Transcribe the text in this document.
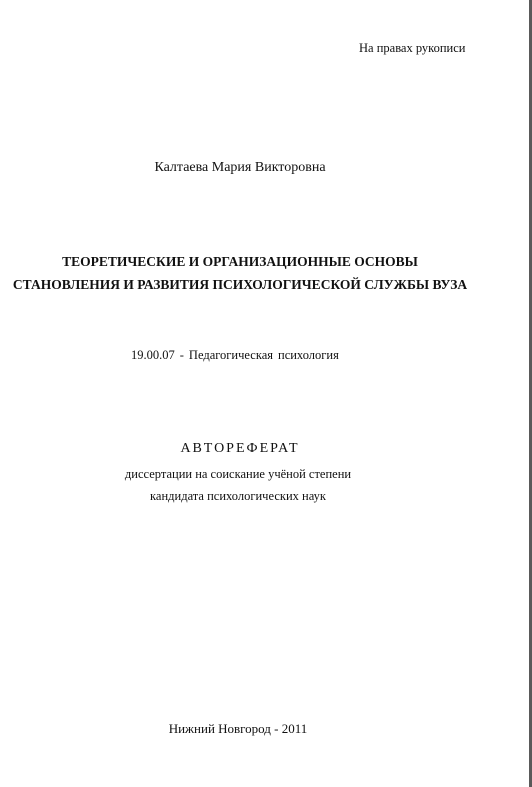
На правах рукописи
Калтаева Мария Викторовна
ТЕОРЕТИЧЕСКИЕ И ОРГАНИЗАЦИОННЫЕ ОСНОВЫ
СТАНОВЛЕНИЯ И РАЗВИТИЯ ПСИХОЛОГИЧЕСКОЙ СЛУЖБЫ ВУЗА
19.00.07 - Педагогическая психология
АВТОРЕФЕРАТ
диссертации на соискание учёной степени
кандидата психологических наук
Нижний Новгород - 2011
